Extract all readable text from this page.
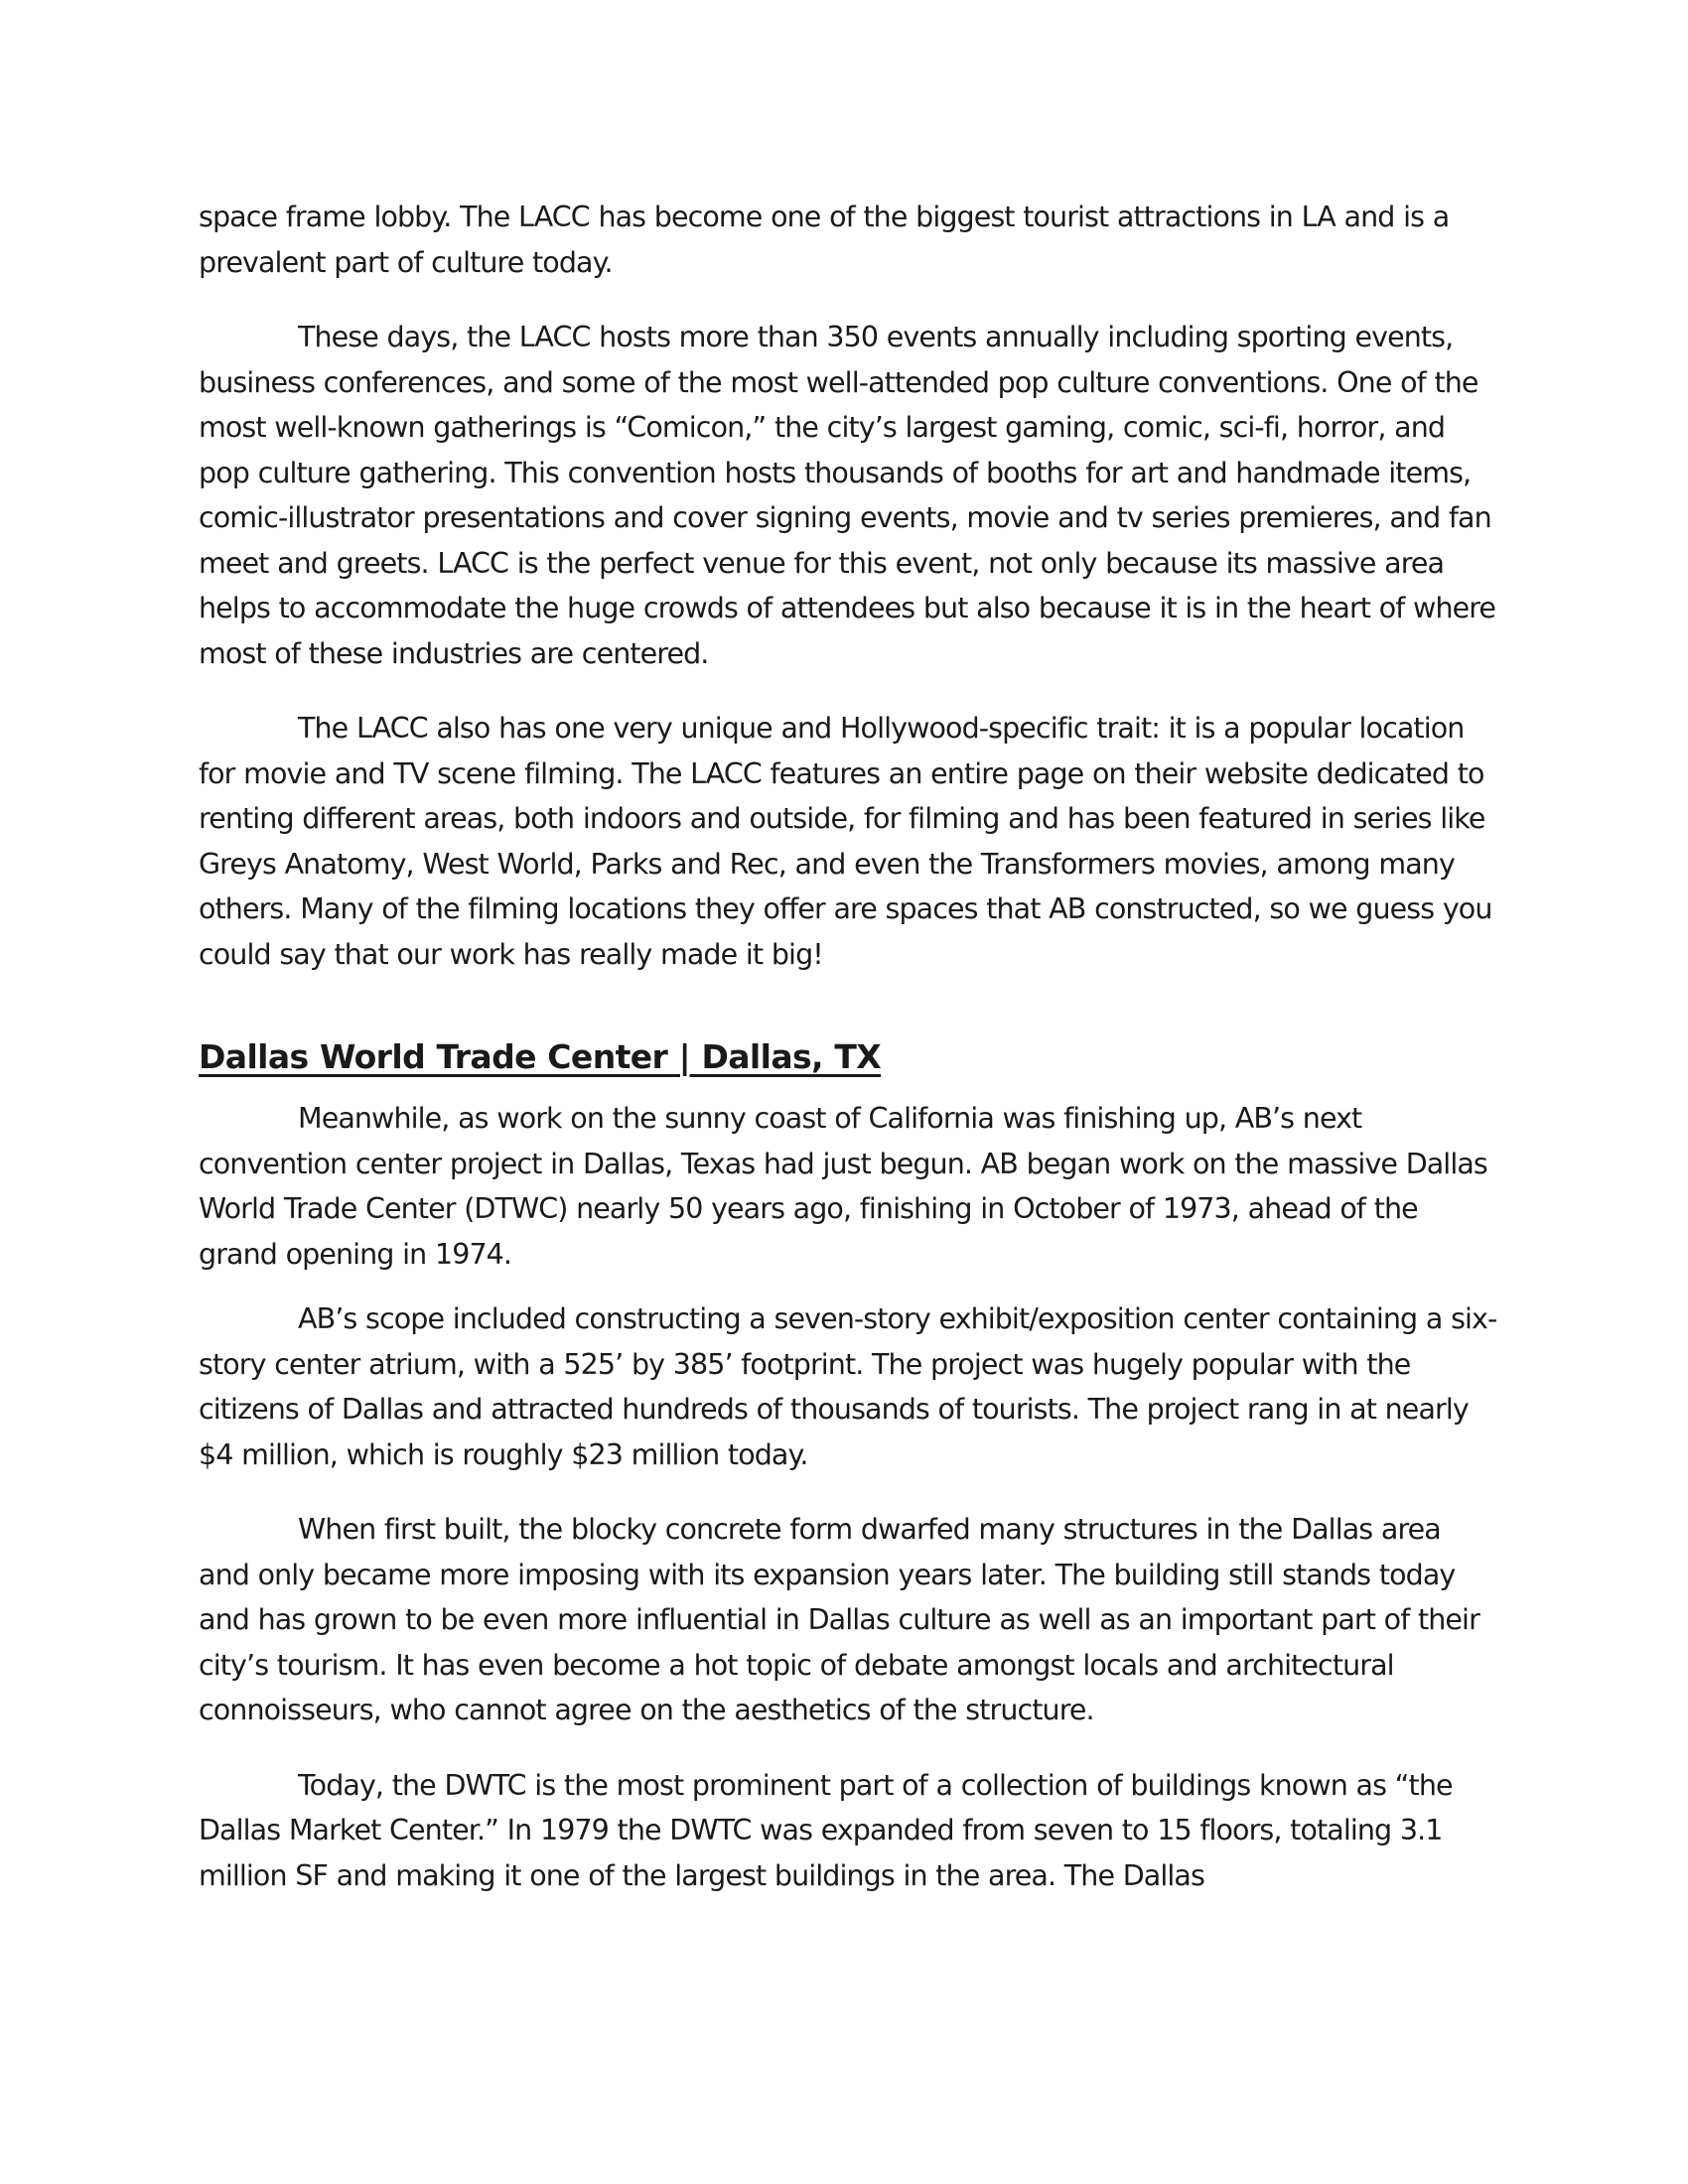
space frame lobby. The LACC has become one of the biggest tourist attractions in LA and is a prevalent part of culture today.

These days, the LACC hosts more than 350 events annually including sporting events, business conferences, and some of the most well-attended pop culture conventions. One of the most well-known gatherings is “Comicon,” the city’s largest gaming, comic, sci-fi, horror, and pop culture gathering. This convention hosts thousands of booths for art and handmade items, comic-illustrator presentations and cover signing events, movie and tv series premieres, and fan meet and greets. LACC is the perfect venue for this event, not only because its massive area helps to accommodate the huge crowds of attendees but also because it is in the heart of where most of these industries are centered.

The LACC also has one very unique and Hollywood-specific trait: it is a popular location for movie and TV scene filming. The LACC features an entire page on their website dedicated to renting different areas, both indoors and outside, for filming and has been featured in series like Greys Anatomy, West World, Parks and Rec, and even the Transformers movies, among many others. Many of the filming locations they offer are spaces that AB constructed, so we guess you could say that our work has really made it big!

Dallas World Trade Center | Dallas, TX

Meanwhile, as work on the sunny coast of California was finishing up, AB’s next convention center project in Dallas, Texas had just begun. AB began work on the massive Dallas World Trade Center (DTWC) nearly 50 years ago, finishing in October of 1973, ahead of the grand opening in 1974.

AB’s scope included constructing a seven-story exhibit/exposition center containing a six-story center atrium, with a 525’ by 385’ footprint. The project was hugely popular with the citizens of Dallas and attracted hundreds of thousands of tourists. The project rang in at nearly $4 million, which is roughly $23 million today.

When first built, the blocky concrete form dwarfed many structures in the Dallas area and only became more imposing with its expansion years later. The building still stands today and has grown to be even more influential in Dallas culture as well as an important part of their city’s tourism. It has even become a hot topic of debate amongst locals and architectural connoisseurs, who cannot agree on the aesthetics of the structure.

Today, the DWTC is the most prominent part of a collection of buildings known as “the Dallas Market Center.” In 1979 the DWTC was expanded from seven to 15 floors, totaling 3.1 million SF and making it one of the largest buildings in the area. The Dallas
